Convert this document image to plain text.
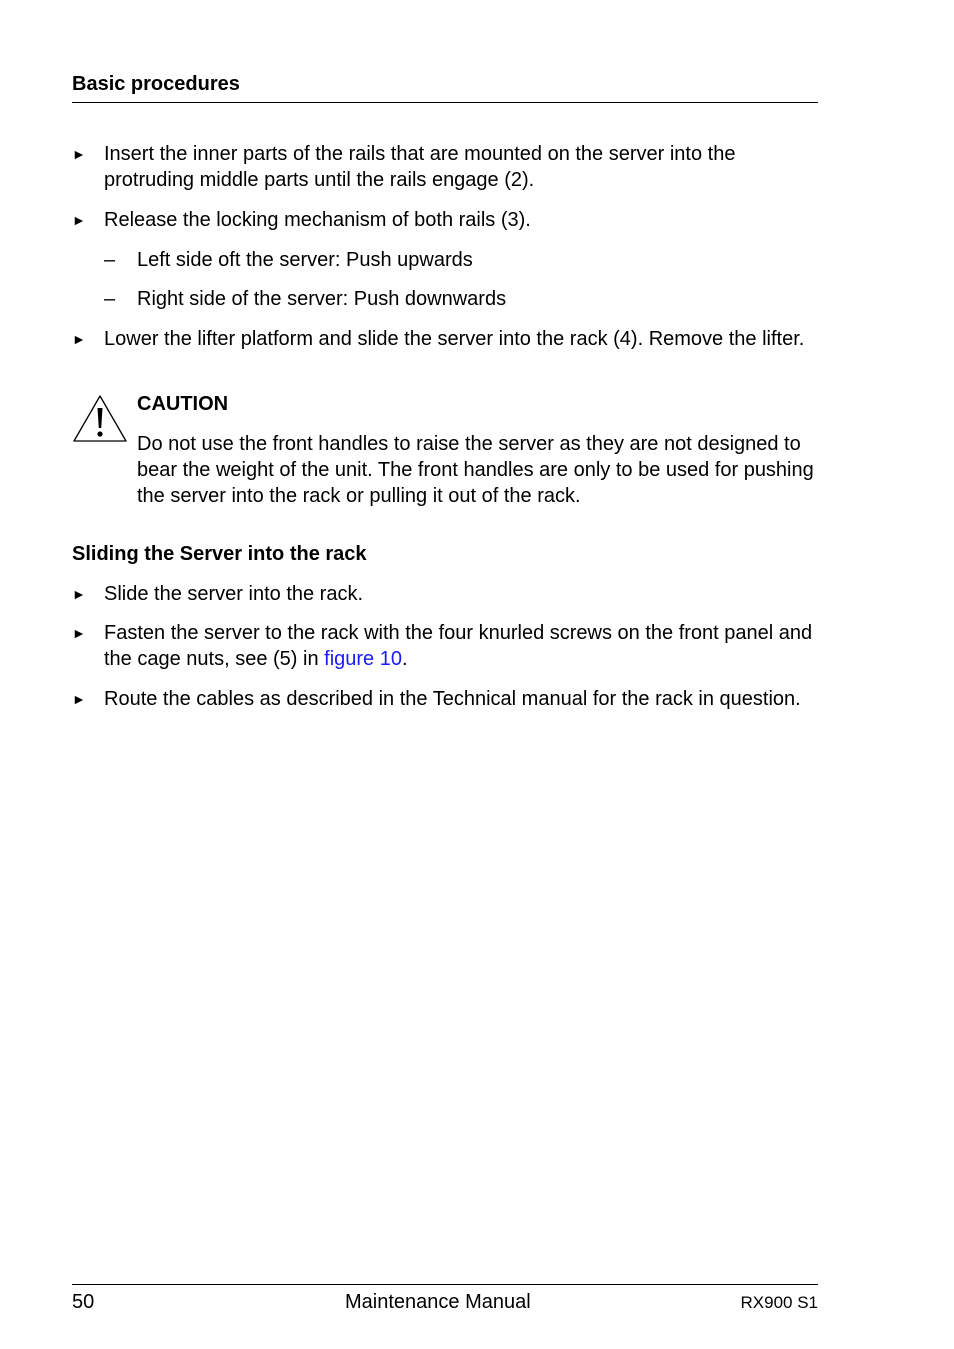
Basic procedures
► Insert the inner parts of the rails that are mounted on the server into the protruding middle parts until the rails engage (2).
► Release the locking mechanism of both rails (3).
– Left side oft the server: Push upwards
– Right side of the server: Push downwards
► Lower the lifter platform and slide the server into the rack (4). Remove the lifter.
CAUTION
Do not use the front handles to raise the server as they are not designed to bear the weight of the unit. The front handles are only to be used for pushing the server into the rack or pulling it out of the rack.
Sliding the Server into the rack
► Slide the server into the rack.
► Fasten the server to the rack with the four knurled screws on the front panel and the cage nuts, see (5) in figure 10.
► Route the cables as described in the Technical manual for the rack in question.
50	Maintenance Manual	RX900 S1
